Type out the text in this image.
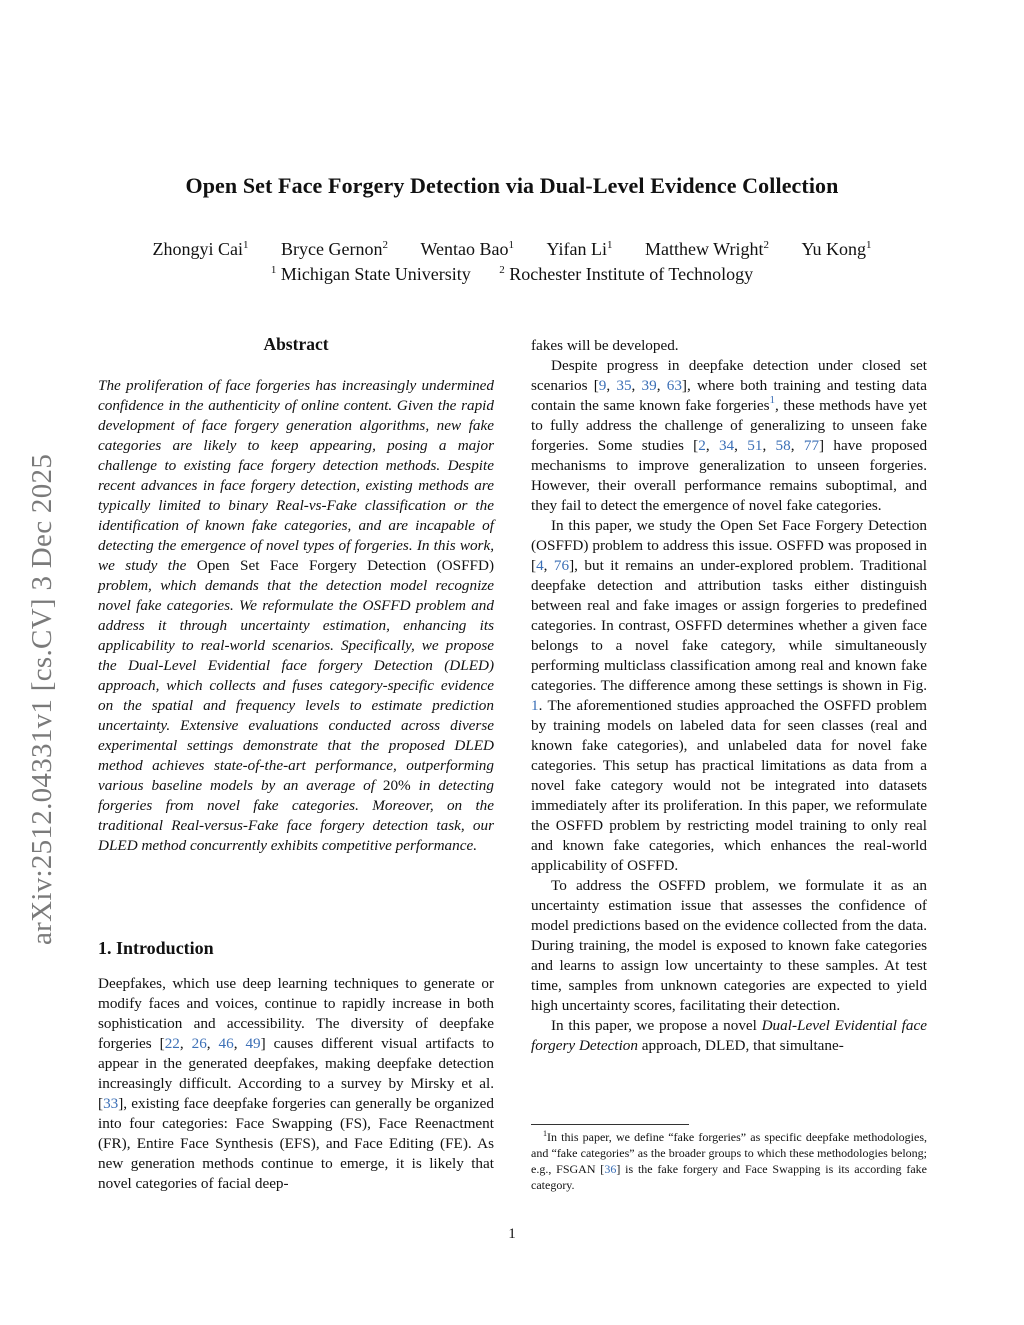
arXiv:2512.04331v1 [cs.CV] 3 Dec 2025
Open Set Face Forgery Detection via Dual-Level Evidence Collection
Zhongyi Cai$^1$ Bryce Gernon$^2$ Wentao Bao$^1$ Yifan Li$^1$ Matthew Wright$^2$ Yu Kong$^1$
$^1$ Michigan State University	$^2$ Rochester Institute of Technology
Abstract
The proliferation of face forgeries has increasingly undermined confidence in the authenticity of online content. Given the rapid development of face forgery generation algorithms, new fake categories are likely to keep appearing, posing a major challenge to existing face forgery detection methods. Despite recent advances in face forgery detection, existing methods are typically limited to binary Real-vs-Fake classification or the identification of known fake categories, and are incapable of detecting the emergence of novel types of forgeries. In this work, we study the Open Set Face Forgery Detection (OSFFD) problem, which demands that the detection model recognize novel fake categories. We reformulate the OSFFD problem and address it through uncertainty estimation, enhancing its applicability to real-world scenarios. Specifically, we propose the Dual-Level Evidential face forgery Detection (DLED) approach, which collects and fuses category-specific evidence on the spatial and frequency levels to estimate prediction uncertainty. Extensive evaluations conducted across diverse experimental settings demonstrate that the proposed DLED method achieves state-of-the-art performance, outperforming various baseline models by an average of 20% in detecting forgeries from novel fake categories. Moreover, on the traditional Real-versus-Fake face forgery detection task, our DLED method concurrently exhibits competitive performance.
1. Introduction
Deepfakes, which use deep learning techniques to generate or modify faces and voices, continue to rapidly increase in both sophistication and accessibility. The diversity of deepfake forgeries [22, 26, 46, 49] causes different visual artifacts to appear in the generated deepfakes, making deepfake detection increasingly difficult. According to a survey by Mirsky et al. [33], existing face deepfake forgeries can generally be organized into four categories: Face Swapping (FS), Face Reenactment (FR), Entire Face Synthesis (EFS), and Face Editing (FE). As new generation methods continue to emerge, it is likely that novel categories of facial deep-

fakes will be developed.

Despite progress in deepfake detection under closed set scenarios [9, 35, 39, 63], where both training and testing data contain the same known fake forgeries$^1$, these methods have yet to fully address the challenge of generalizing to unseen fake forgeries. Some studies [2, 34, 51, 58, 77] have proposed mechanisms to improve generalization to unseen forgeries. However, their overall performance remains suboptimal, and they fail to detect the emergence of novel fake categories.

In this paper, we study the Open Set Face Forgery Detection (OSFFD) problem to address this issue. OSFFD was proposed in [4, 76], but it remains an under-explored problem. Traditional deepfake detection and attribution tasks either distinguish between real and fake images or assign forgeries to predefined categories. In contrast, OSFFD determines whether a given face belongs to a novel fake category, while simultaneously performing multiclass classification among real and known fake categories. The difference among these settings is shown in Fig. 1. The aforementioned studies approached the OSFFD problem by training models on labeled data for seen classes (real and known fake categories), and unlabeled data for novel fake categories. This setup has practical limitations as data from a novel fake category would not be integrated into datasets immediately after its proliferation. In this paper, we reformulate the OSFFD problem by restricting model training to only real and known fake categories, which enhances the real-world applicability of OSFFD.

To address the OSFFD problem, we formulate it as an uncertainty estimation issue that assesses the confidence of model predictions based on the evidence collected from the data. During training, the model is exposed to known fake categories and learns to assign low uncertainty to these samples. At test time, samples from unknown categories are expected to yield high uncertainty scores, facilitating their detection.

In this paper, we propose a novel Dual-Level Evidential face forgery Detection approach, DLED, that simultane-

$^1$In this paper, we define “fake forgeries” as specific deepfake methodologies, and “fake categories” as the broader groups to which these methodologies belong; e.g., FSGAN [36] is the fake forgery and Face Swapping is its according fake category.
1
